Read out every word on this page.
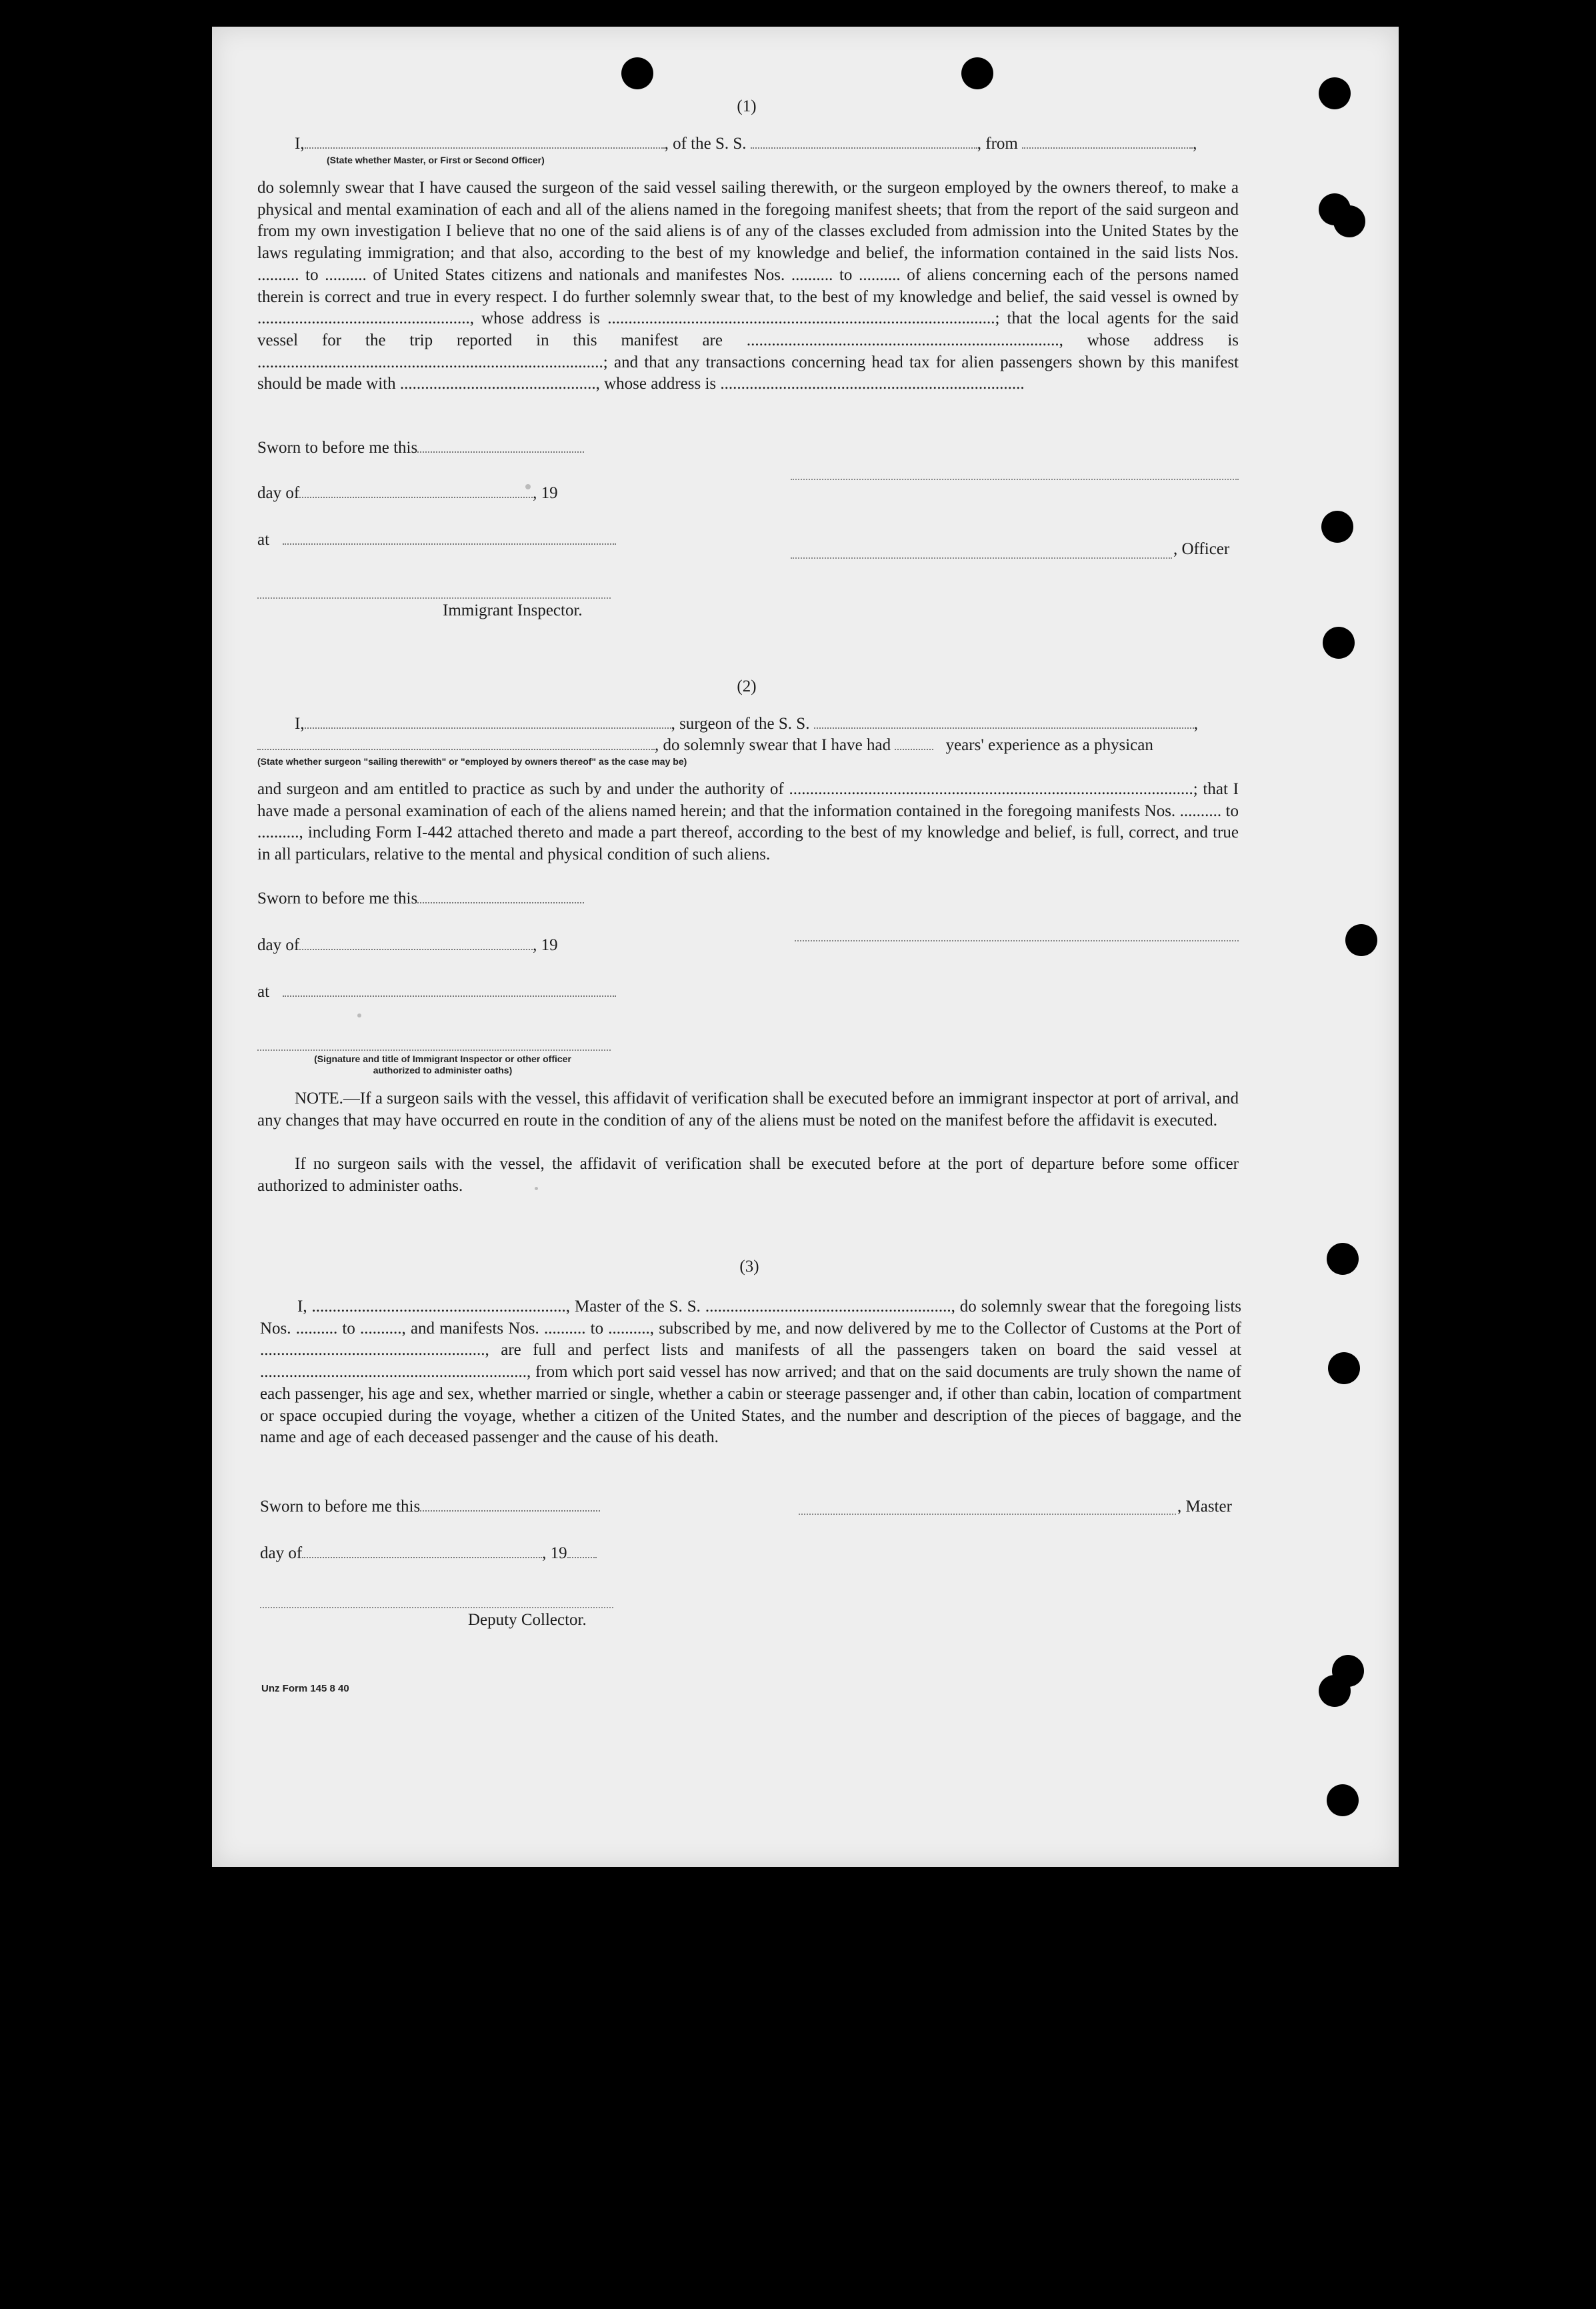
(1)
I,	, of the S. S.	, from	,
(State whether Master, or First or Second Officer)
do solemnly swear that I have caused the surgeon of the said vessel sailing therewith, or the surgeon employed by the owners thereof, to make a physical and mental examination of each and all of the aliens named in the foregoing manifest sheets; that from the report of the said surgeon and from my own investigation I believe that no one of the said aliens is of any of the classes excluded from admission into the United States by the laws regulating immigration; and that also, according to the best of my knowledge and belief, the information contained in the said lists Nos. .......... to .......... of United States citizens and nationals and manifestes Nos. .......... to .......... of aliens concerning each of the persons named therein is correct and true in every respect. I do further solemnly swear that, to the best of my knowledge and belief, the said vessel is owned by ..................................................., whose address is .............................................................................................; that the local agents for the said vessel for the trip reported in this manifest are ..........................................................................., whose address is ...................................................................................; and that any transactions concerning head tax for alien passengers shown by this manifest should be made with ..............................................., whose address is .........................................................................
Sworn to before me this
day of	, 19
at
, Officer
Immigrant Inspector.
(2)
I,	, surgeon of the S. S.	,
, do solemnly swear that I have had	years' experience as a physican
(State whether surgeon "sailing therewith" or "employed by owners thereof" as the case may be)
and surgeon and am entitled to practice as such by and under the authority of .................................................................................................; that I have made a personal examination of each of the aliens named herein; and that the information contained in the foregoing manifests Nos. .......... to .........., including Form I-442 attached thereto and made a part thereof, according to the best of my knowledge and belief, is full, correct, and true in all particulars, relative to the mental and physical condition of such aliens.
Sworn to before me this
day of	, 19
at
(Signature and title of Immigrant Inspector or other officer authorized to administer oaths)
NOTE.—If a surgeon sails with the vessel, this affidavit of verification shall be executed before an immigrant inspector at port of arrival, and any changes that may have occurred en route in the condition of any of the aliens must be noted on the manifest before the affidavit is executed.
If no surgeon sails with the vessel, the affidavit of verification shall be executed before at the port of departure before some officer authorized to administer oaths.
(3)
I, ............................................................., Master of the S. S. ..........................................................., do solemnly swear that the foregoing lists Nos. .......... to .........., and manifests Nos. .......... to .........., subscribed by me, and now delivered by me to the Collector of Customs at the Port of ......................................................, are full and perfect lists and manifests of all the passengers taken on board the said vessel at ................................................................, from which port said vessel has now arrived; and that on the said documents are truly shown the name of each passenger, his age and sex, whether married or single, whether a cabin or steerage passenger and, if other than cabin, location of compartment or space occupied during the voyage, whether a citizen of the United States, and the number and description of the pieces of baggage, and the name and age of each deceased passenger and the cause of his death.
Sworn to before me this	, Master
day of	, 19
Deputy Collector.
Unz Form 145 8 40
